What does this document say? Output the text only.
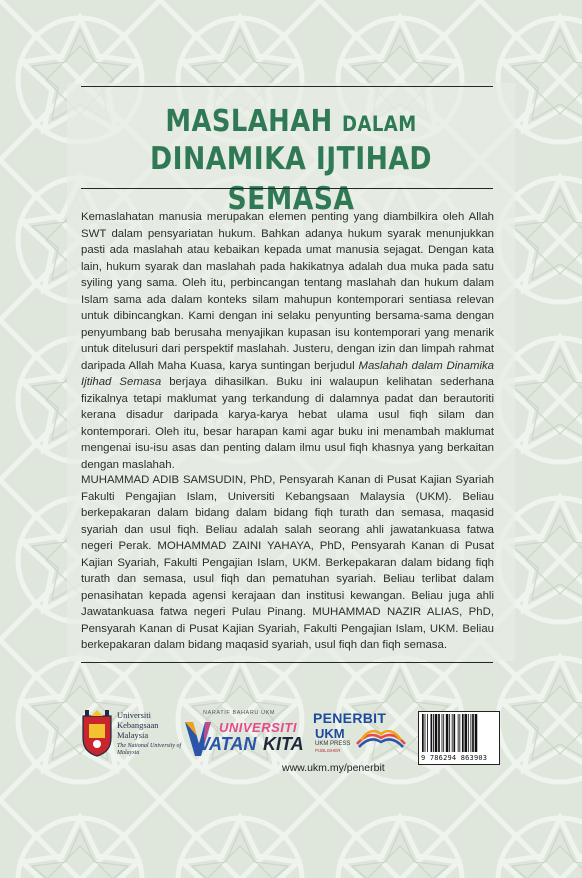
MASLAHAH DALAM
DINAMIKA IJTIHAD SEMASA

Kemaslahatan manusia merupakan elemen penting yang diambilkira oleh Allah SWT dalam pensyariatan hukum. Bahkan adanya hukum syarak menunjukkan pasti ada maslahah atau kebaikan kepada umat manusia sejagat. Dengan kata lain, hukum syarak dan maslahah pada hakikatnya adalah dua muka pada satu syiling yang sama. Oleh itu, perbincangan tentang maslahah dan hukum dalam Islam sama ada dalam konteks silam mahupun kontemporari sentiasa relevan untuk dibincangkan. Kami dengan ini selaku penyunting bersama-sama dengan penyumbang bab berusaha menyajikan kupasan isu kontemporari yang menarik untuk ditelusuri dari perspektif maslahah. Justeru, dengan izin dan limpah rahmat daripada Allah Maha Kuasa, karya suntingan berjudul Maslahah dalam Dinamika Ijtihad Semasa berjaya dihasilkan. Buku ini walaupun kelihatan sederhana fizikalnya tetapi maklumat yang terkandung di dalamnya padat dan berautoriti kerana disadur daripada karya-karya hebat ulama usul fiqh silam dan kontemporari. Oleh itu, besar harapan kami agar buku ini menambah maklumat mengenai isu-isu asas dan penting dalam ilmu usul fiqh khasnya yang berkaitan dengan maslahah.

MUHAMMAD ADIB SAMSUDIN, PhD, Pensyarah Kanan di Pusat Kajian Syariah Fakulti Pengajian Islam, Universiti Kebangsaan Malaysia (UKM). Beliau berkepakaran dalam bidang dalam bidang fiqh turath dan semasa, maqasid syariah dan usul fiqh. Beliau adalah salah seorang ahli jawatankuasa fatwa negeri Perak. MOHAMMAD ZAINI YAHAYA, PhD, Pensyarah Kanan di Pusat Kajian Syariah, Fakulti Pengajian Islam, UKM. Berkepakaran dalam bidang fiqh turath dan semasa, usul fiqh dan pematuhan syariah. Beliau terlibat dalam penasihatan kepada agensi kerajaan dan institusi kewangan. Beliau juga ahli Jawatankuasa fatwa negeri Pulau Pinang. MUHAMMAD NAZIR ALIAS, PhD, Pensyarah Kanan di Pusat Kajian Syariah, Fakulti Pengajian Islam, UKM. Beliau berkepakaran dalam bidang maqasid syariah, usul fiqh dan fiqh semasa.

Universiti
Kebangsaan
Malaysia
The National University of Malaysia
NARATIF BAHARU UKM
UNIVERSITI
WATAN KITA
PENERBIT
UKM
UKM PRESS
PUBLISHER
9 786294 863903
www.ukm.my/penerbit
